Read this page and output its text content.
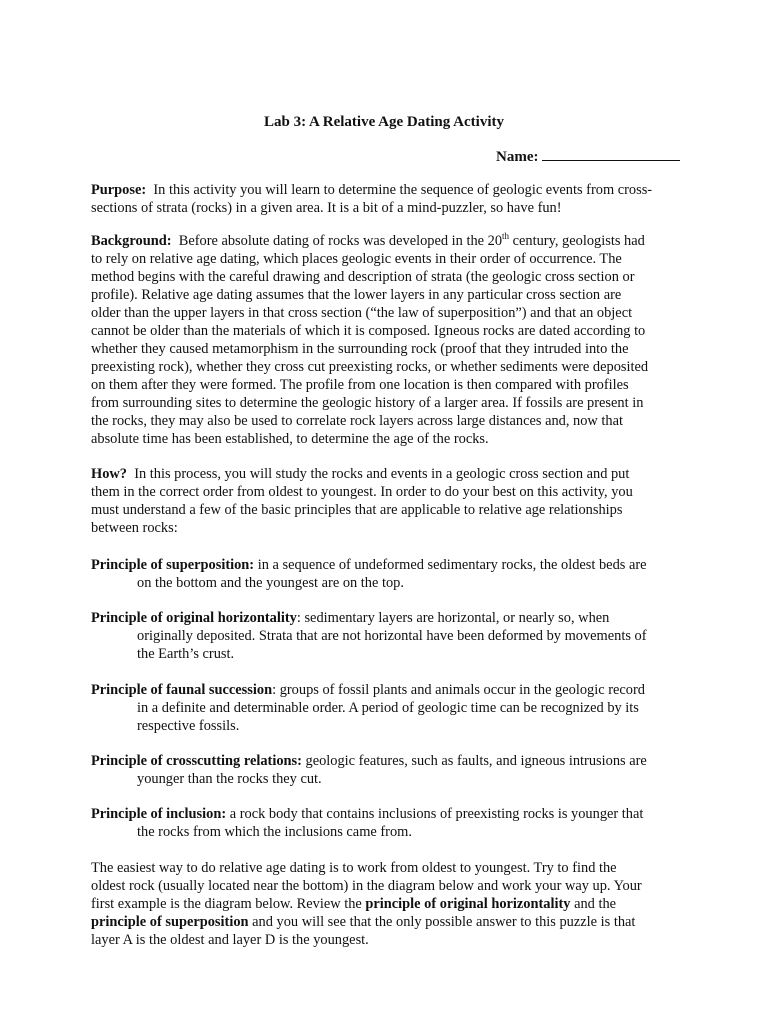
Lab 3: A Relative Age Dating Activity
Name:
Purpose: In this activity you will learn to determine the sequence of geologic events from cross-
sections of strata (rocks) in a given area. It is a bit of a mind-puzzler, so have fun!
Background: Before absolute dating of rocks was developed in the 20th century, geologists had
to rely on relative age dating, which places geologic events in their order of occurrence. The
method begins with the careful drawing and description of strata (the geologic cross section or
profile). Relative age dating assumes that the lower layers in any particular cross section are
older than the upper layers in that cross section (“the law of superposition”) and that an object
cannot be older than the materials of which it is composed. Igneous rocks are dated according to
whether they caused metamorphism in the surrounding rock (proof that they intruded into the
preexisting rock), whether they cross cut preexisting rocks, or whether sediments were deposited
on them after they were formed. The profile from one location is then compared with profiles
from surrounding sites to determine the geologic history of a larger area. If fossils are present in
the rocks, they may also be used to correlate rock layers across large distances and, now that
absolute time has been established, to determine the age of the rocks.
How? In this process, you will study the rocks and events in a geologic cross section and put
them in the correct order from oldest to youngest. In order to do your best on this activity, you
must understand a few of the basic principles that are applicable to relative age relationships
between rocks:
Principle of superposition: in a sequence of undeformed sedimentary rocks, the oldest beds are
on the bottom and the youngest are on the top.
Principle of original horizontality: sedimentary layers are horizontal, or nearly so, when
originally deposited. Strata that are not horizontal have been deformed by movements of
the Earth’s crust.
Principle of faunal succession: groups of fossil plants and animals occur in the geologic record
in a definite and determinable order. A period of geologic time can be recognized by its
respective fossils.
Principle of crosscutting relations: geologic features, such as faults, and igneous intrusions are
younger than the rocks they cut.
Principle of inclusion: a rock body that contains inclusions of preexisting rocks is younger that
the rocks from which the inclusions came from.
The easiest way to do relative age dating is to work from oldest to youngest. Try to find the
oldest rock (usually located near the bottom) in the diagram below and work your way up. Your
first example is the diagram below. Review the principle of original horizontality and the
principle of superposition and you will see that the only possible answer to this puzzle is that
layer A is the oldest and layer D is the youngest.
